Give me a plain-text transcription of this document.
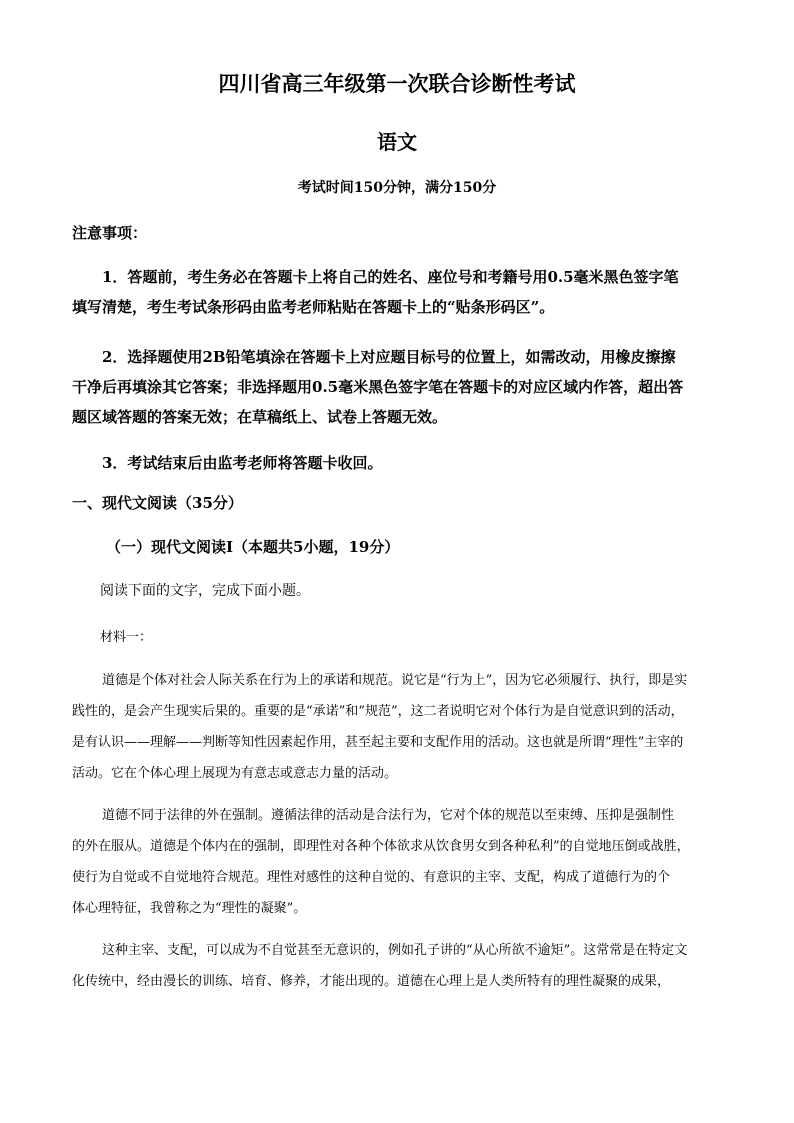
四川省高三年级第一次联合诊断性考试
语文
考试时间150分钟，满分150分
注意事项：
1．答题前，考生务必在答题卡上将自己的姓名、座位号和考籍号用0.5毫米黑色签字笔
填写清楚，考生考试条形码由监考老师粘贴在答题卡上的“贴条形码区”。
2．选择题使用2B铅笔填涂在答题卡上对应题目标号的位置上，如需改动，用橡皮擦擦
干净后再填涂其它答案；非选择题用0.5毫米黑色签字笔在答题卡的对应区域内作答，超出答
题区域答题的答案无效；在草稿纸上、试卷上答题无效。
3．考试结束后由监考老师将答题卡收回。
一、现代文阅读（35分）
（一）现代文阅读Ⅰ（本题共5小题，19分）
阅读下面的文字，完成下面小题。
材料一：
道德是个体对社会人际关系在行为上的承诺和规范。说它是“行为上”，因为它必须履行、执行，即是实
践性的，是会产生现实后果的。重要的是“承诺”和“规范”，这二者说明它对个体行为是自觉意识到的活动，
是有认识——理解——判断等知性因素起作用，甚至起主要和支配作用的活动。这也就是所谓“理性”主宰的
活动。它在个体心理上展现为有意志或意志力量的活动。
道德不同于法律的外在强制。遵循法律的活动是合法行为，它对个体的规范以至束缚、压抑是强制性
的外在服从。道德是个体内在的强制，即理性对各种个体欲求从饮食男女到各种私利”的自觉地压倒或战胜，
使行为自觉或不自觉地符合规范。理性对感性的这种自觉的、有意识的主宰、支配，构成了道德行为的个
体心理特征，我曾称之为“理性的凝聚”。
这种主宰、支配，可以成为不自觉甚至无意识的，例如孔子讲的“从心所欲不逾矩”。这常常是在特定文
化传统中，经由漫长的训练、培育、修养，才能出现的。道德在心理上是人类所特有的理性凝聚的成果，
